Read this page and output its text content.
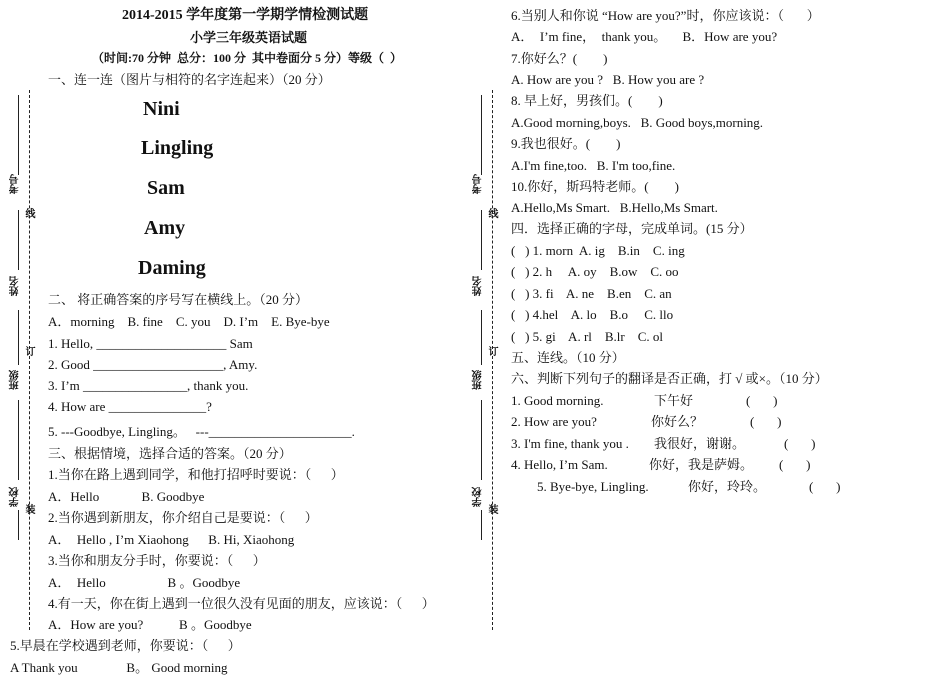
2014-2015 学年度第一学期学情检测试题
小学三年级英语试题
（时间:70 分钟  总分：100 分  其中卷面分 5 分）等级（  ）
考号
姓名
班级
学校
线
订
装
考号
姓名
班级
学校
线
订
装
一、连一连（图片与相符的名字连起来）（20 分）
Nini
Lingling
Sam
Amy
Daming
二、 将正确答案的序号写在横线上。（20 分）
A．morning    B. fine    C. you    D. I’m    E. Bye-bye
1. Hello, ____________________ Sam
2. Good ____________________, Amy.
3. I’m ________________, thank you.
4. How are _______________?
5. ---Goodbye, Lingling。   ---______________________.
三、根据情境，选择合适的答案。（20 分）
1.当你在路上遇到同学，和他打招呼时要说：（      ）
A．Hello             B. Goodbye
2.当你遇到新朋友，你介绍自己是要说：（      ）
A．  Hello , I’m Xiaohong      B. Hi, Xiaohong
3.当你和朋友分手时，你要说：（      ）
A．  Hello                   B 。Goodbye
4.有一天，你在街上遇到一位很久没有见面的朋友，应该说：（      ）
A．How are you?           B 。Goodbye
5.早晨在学校遇到老师，你要说：（      ）
A Thank you               B。 Good morning
6.当别人和你说 “How are you?”时，你应该说：（       ）
A．  I’m fine，  thank you。     B．How are you?
7.你好么？(        )
A. How are you ?   B. How you are ?
8. 早上好，男孩们。(        )
A.Good morning,boys.   B. Good boys,morning.
9.我也很好。(        )
A.I'm fine,too.   B. I'm too,fine.
10.你好，斯玛特老师。(        )
A.Hello,Ms Smart.   B.Hello,Ms Smart.
四．选择正确的字母，完成单词。(15 分）
(   ) 1. morn  A. ig    B.in    C. ing
(   ) 2. h     A. oy    B.ow    C. oo
(   ) 3. fi    A. ne    B.en    C. an
(   ) 4.hel    A. lo    B.o     C. llo
(   ) 5. gi    A. rl    B.lr    C. ol
五、连线。（10 分）
六、判断下列句子的翻译是否正确，打 √ 或×。（10 分）
1. Good morning.	下午好	(       )
2. How are you?	你好么？	(       )
3. I'm fine, thank you . 我很好，谢谢。	(       )
4. Hello, I’m Sam.	你好，我是萨姆。 (       )
5. Bye-bye, Lingling.	你好，玲玲。	(       )
